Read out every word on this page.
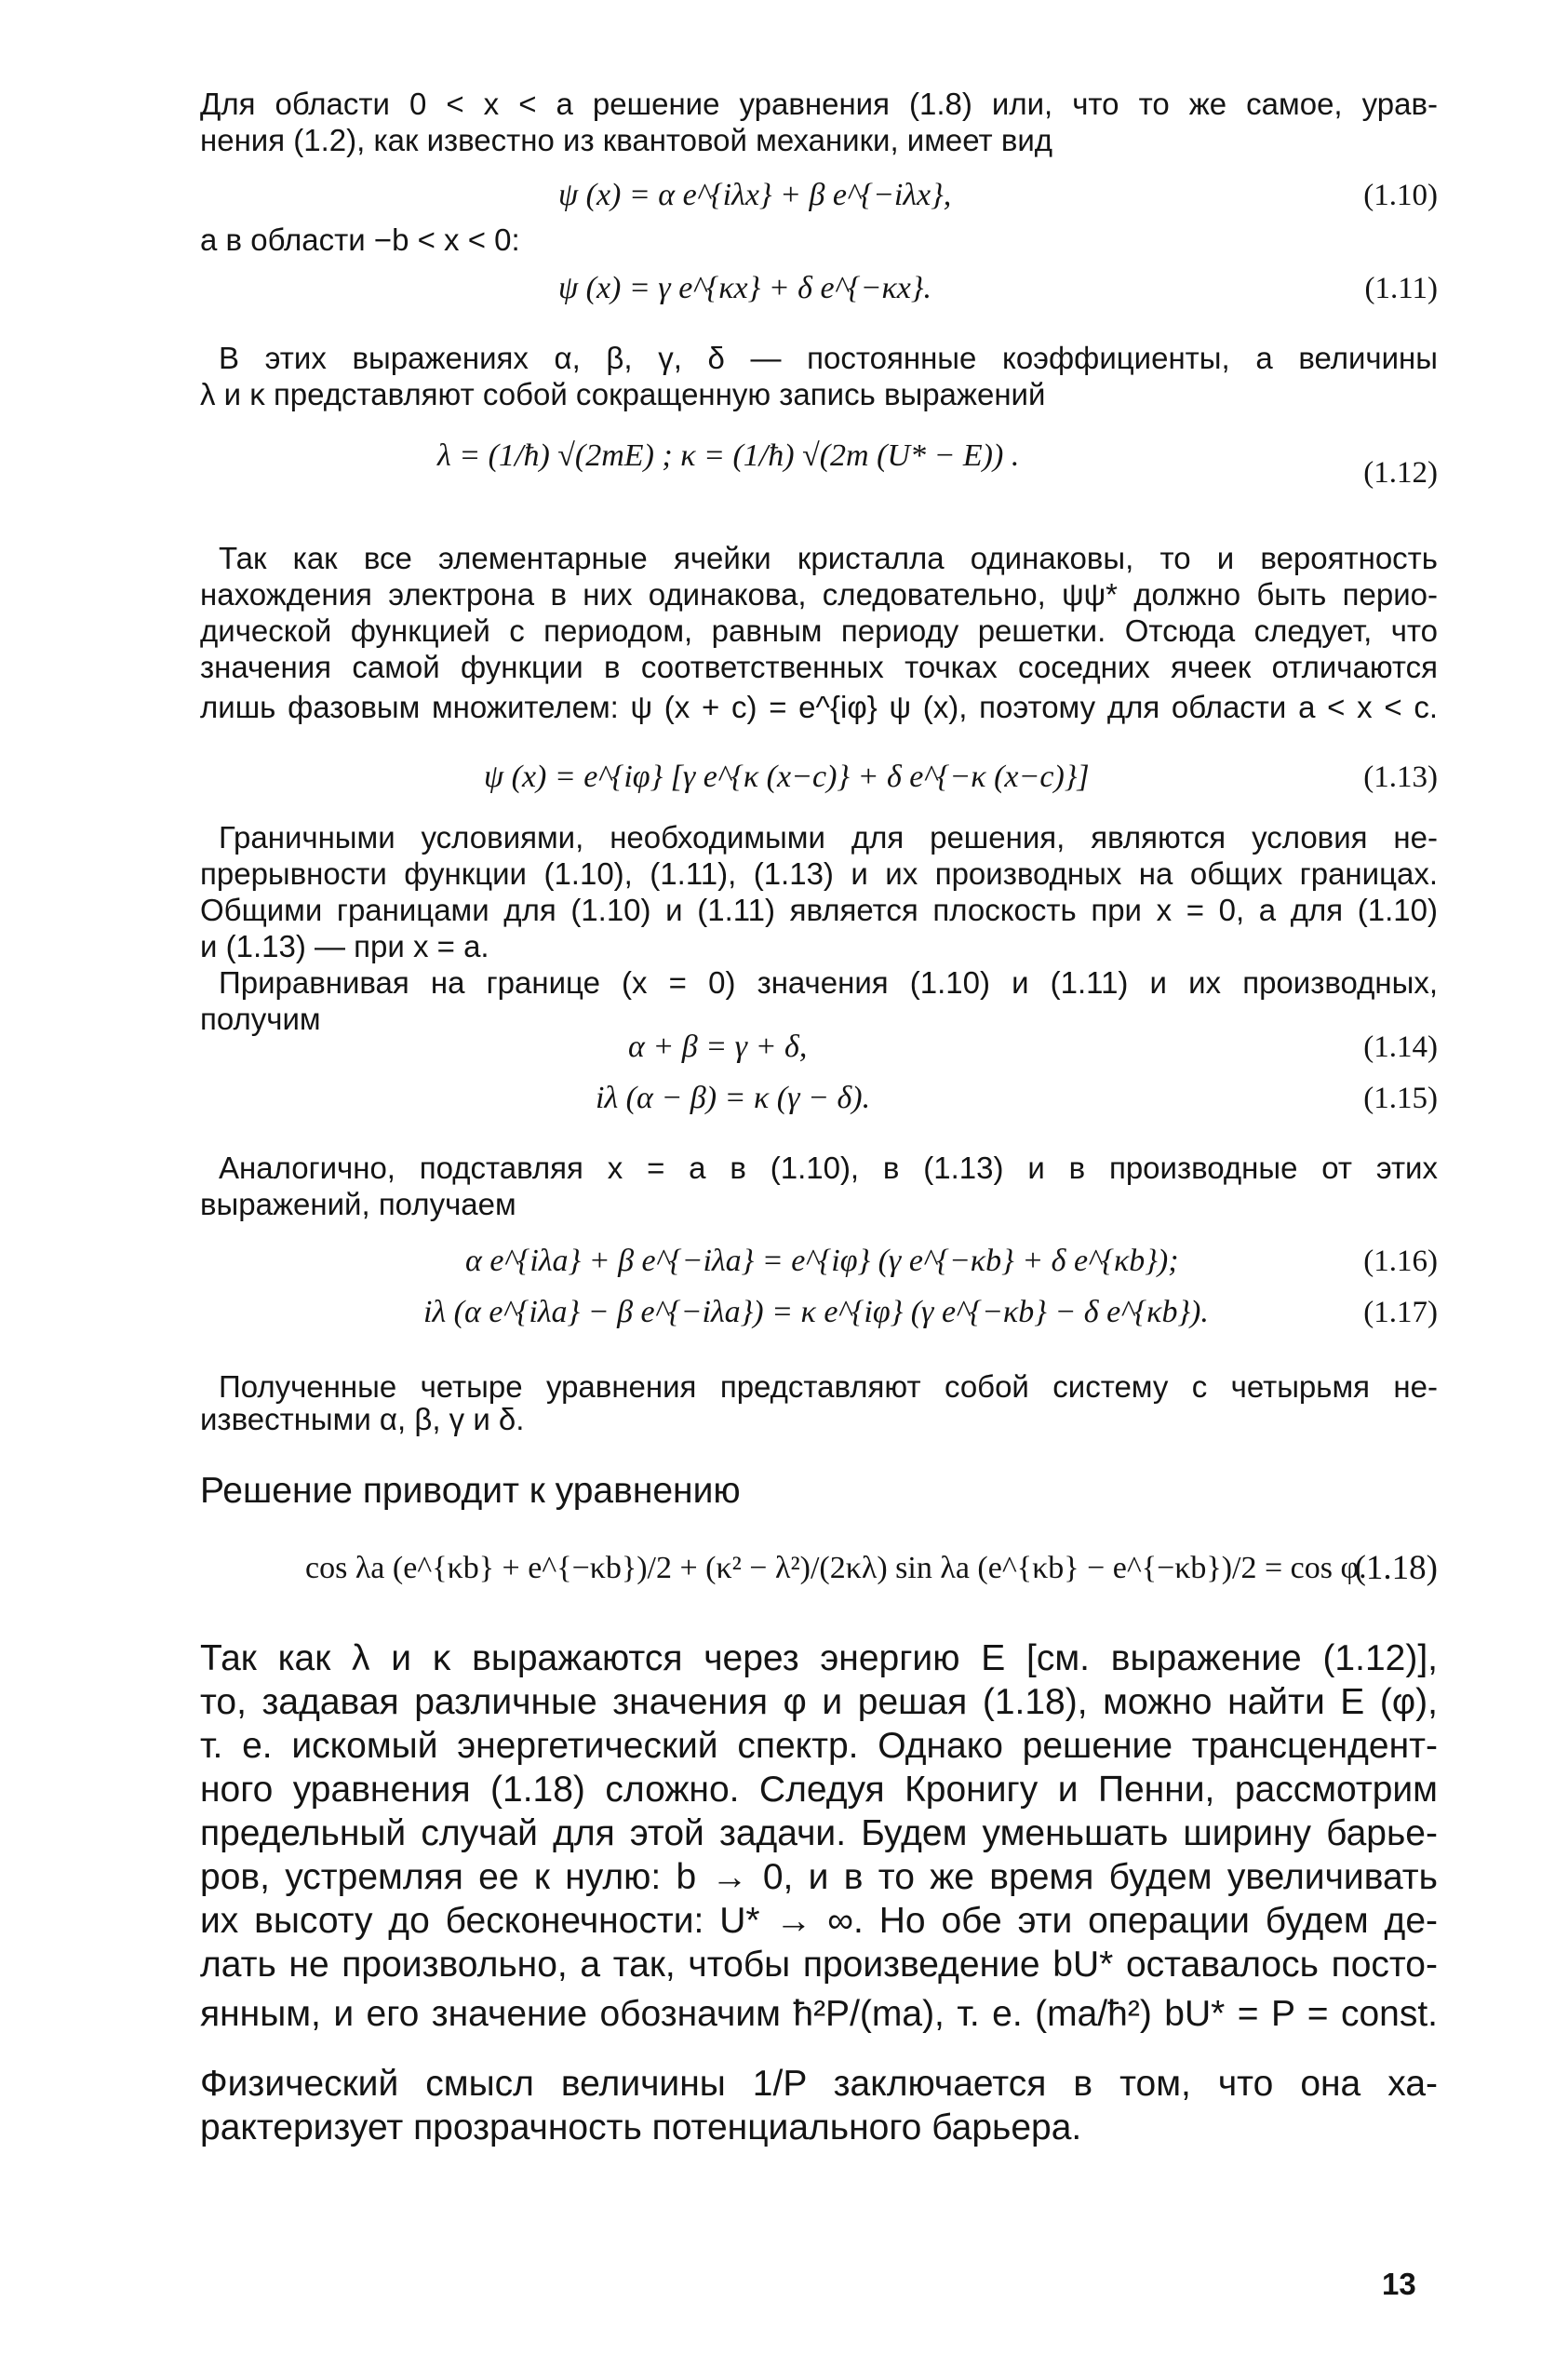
Для области 0 < x < a решение уравнения (1.8) или, что то же самое, урав-
нения (1.2), как известно из квантовой механики, имеет вид
ψ (x) = α e^{iλx} + β e^{−iλx},	(1.10)
а в области −b < x < 0:
ψ (x) = γ e^{κx} + δ e^{−κx}.	(1.11)
В этих выражениях α, β, γ, δ — постоянные коэффициенты, а величины
λ и κ представляют собой сокращенную запись выражений
λ = (1/ħ) √(2mE) ; κ = (1/ħ) √(2m (U* − E)) .	(1.12)
Так как все элементарные ячейки кристалла одинаковы, то и вероятность
нахождения электрона в них одинакова, следовательно, ψψ* должно быть перио-
дической функцией с периодом, равным периоду решетки. Отсюда следует, что
значения самой функции в соответственных точках соседних ячеек отличаются
лишь фазовым множителем: ψ (x + c) = e^{iφ} ψ (x), поэтому для области a < x < c.
ψ (x) = e^{iφ} [γ e^{κ (x−c)} + δ e^{−κ (x−c)}]	(1.13)
Граничными условиями, необходимыми для решения, являются условия не-
прерывности функции (1.10), (1.11), (1.13) и их производных на общих границах.
Общими границами для (1.10) и (1.11) является плоскость при x = 0, а для (1.10)
и (1.13) — при x = a.
Приравнивая на границе (x = 0) значения (1.10) и (1.11) и их производных,
получим
α + β = γ + δ,	(1.14)
iλ (α − β) = κ (γ − δ).	(1.15)
Аналогично, подставляя x = a в (1.10), в (1.13) и в производные от этих
выражений, получаем
α e^{iλa} + β e^{−iλa} = e^{iφ} (γ e^{−κb} + δ e^{κb});	(1.16)
iλ (α e^{iλa} − β e^{−iλa}) = κ e^{iφ} (γ e^{−κb} − δ e^{κb}).	(1.17)
Полученные четыре уравнения представляют собой систему с четырьмя не-
известными α, β, γ и δ.
Решение приводит к уравнению
cos λa (e^{κb} + e^{−κb})/2 + (κ² − λ²)/(2κλ) sin λa (e^{κb} − e^{−κb})/2 = cos φ.
(1.18)
Так как λ и κ выражаются через энергию E [см. выражение (1.12)],
то, задавая различные значения φ и решая (1.18), можно найти E (φ),
т. е. искомый энергетический спектр. Однако решение трансцендент-
ного уравнения (1.18) сложно. Следуя Кронигу и Пенни, рассмотрим
предельный случай для этой задачи. Будем уменьшать ширину барье-
ров, устремляя ее к нулю: b → 0, и в то же время будем увеличивать
их высоту до бесконечности: U* → ∞. Но обе эти операции будем де-
лать не произвольно, а так, чтобы произведение bU* оставалось посто-
янным, и его значение обозначим ħ²P/(ma), т. е. (ma/ħ²) bU* = P = const.
Физический смысл величины 1/P заключается в том, что она ха-
рактеризует прозрачность потенциального барьера.
13
